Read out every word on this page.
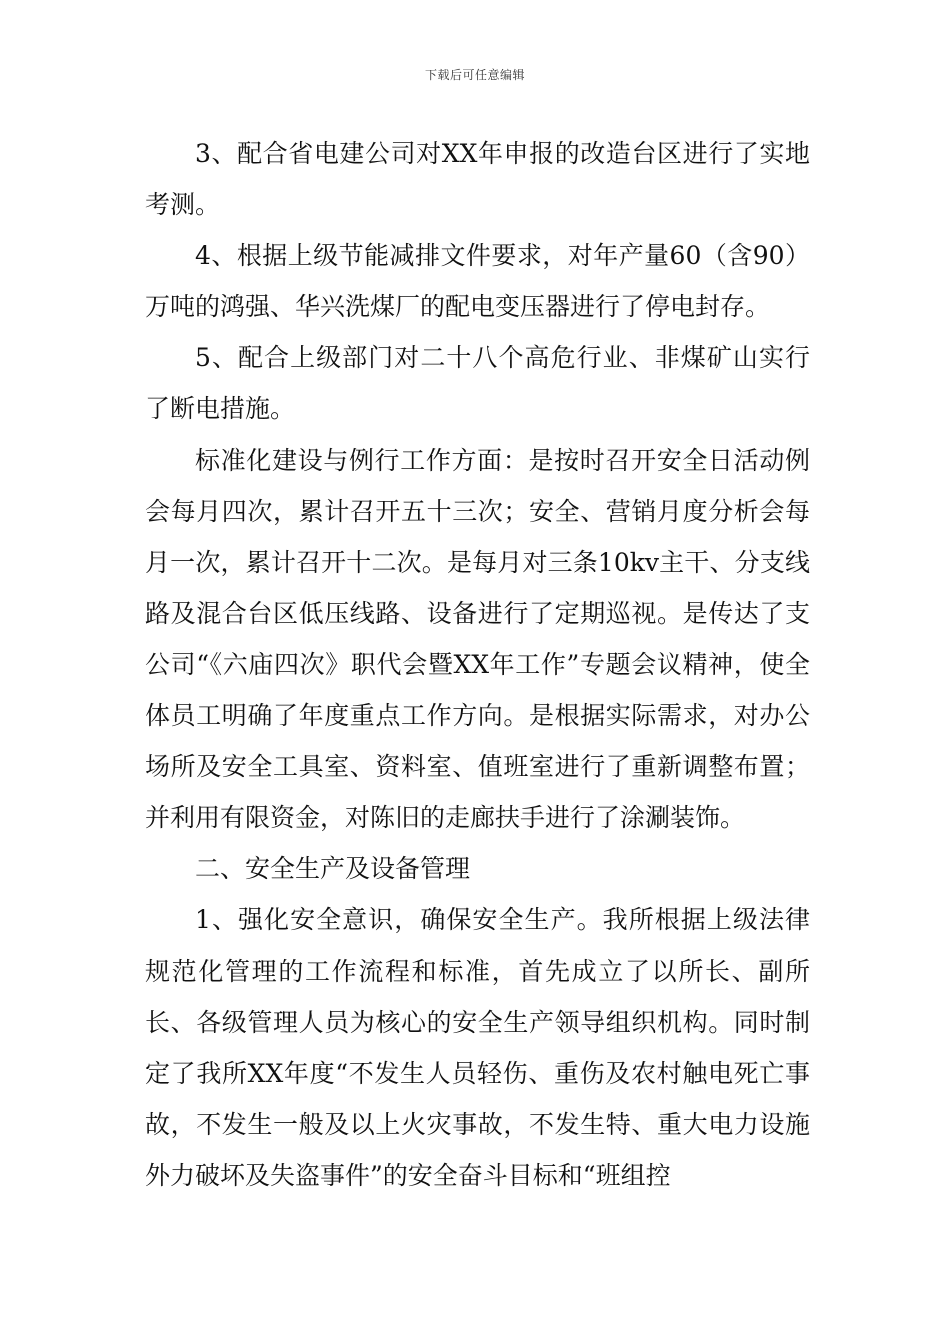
下载后可任意编辑

3、配合省电建公司对XX年申报的改造台区进行了实地考测。

4、根据上级节能减排文件要求，对年产量60（含90）万吨的鸿强、华兴洗煤厂的配电变压器进行了停电封存。

5、配合上级部门对二十八个高危行业、非煤矿山实行了断电措施。

标准化建设与例行工作方面：是按时召开安全日活动例会每月四次，累计召开五十三次；安全、营销月度分析会每月一次，累计召开十二次。是每月对三条10kv主干、分支线路及混合台区低压线路、设备进行了定期巡视。是传达了支公司“《六庙四次》职代会暨XX年工作”专题会议精神，使全体员工明确了年度重点工作方向。是根据实际需求，对办公场所及安全工具室、资料室、值班室进行了重新调整布置；并利用有限资金，对陈旧的走廊扶手进行了涂涮装饰。

二、安全生产及设备管理

1、强化安全意识，确保安全生产。我所根据上级法律规范化管理的工作流程和标准，首先成立了以所长、副所长、各级管理人员为核心的安全生产领导组织机构。同时制定了我所XX年度“不发生人员轻伤、重伤及农村触电死亡事故，不发生一般及以上火灾事故，不发生特、重大电力设施外力破坏及失盗事件”的安全奋斗目标和“班组控
